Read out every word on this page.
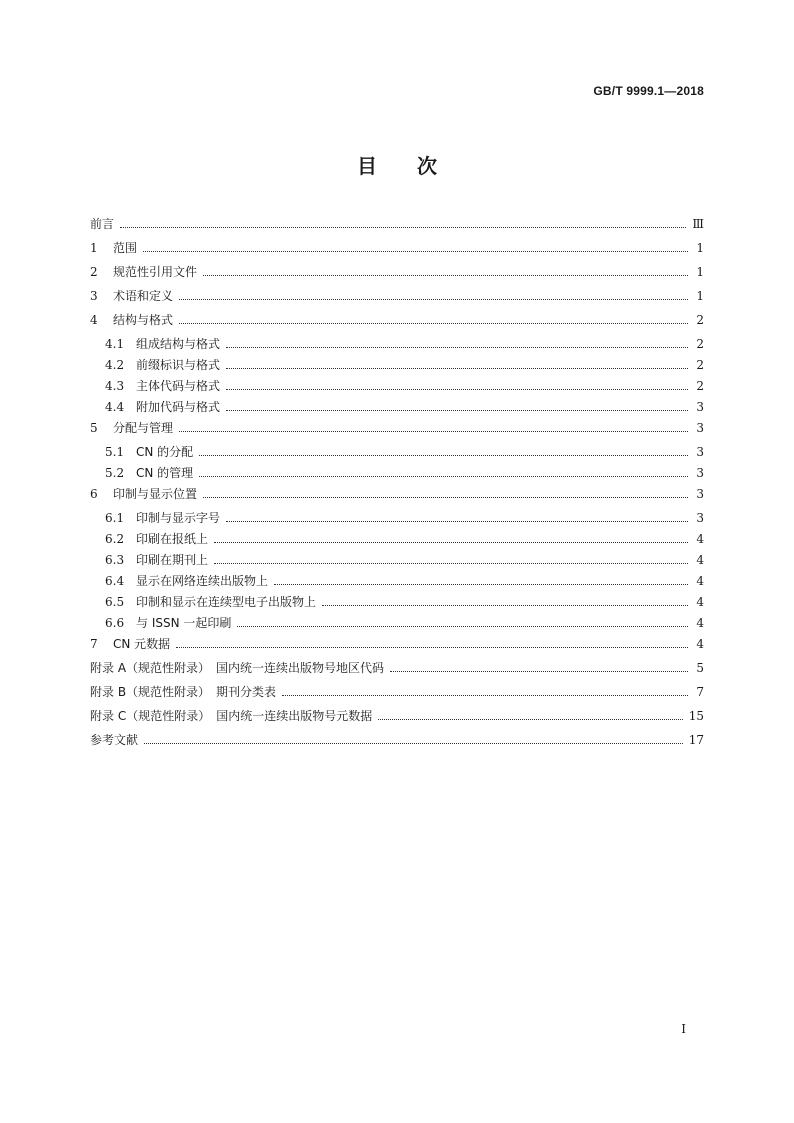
GB/T 9999.1—2018
目 次
前言	Ⅲ
1	范围	1
2	规范性引用文件	1
3	术语和定义	1
4	结构与格式	2
4.1 组成结构与格式	2
4.2 前缀标识与格式	2
4.3 主体代码与格式	2
4.4 附加代码与格式	3
5	分配与管理	3
5.1 CN 的分配	3
5.2 CN 的管理	3
6	印制与显示位置	3
6.1 印制与显示字号	3
6.2 印刷在报纸上	4
6.3 印刷在期刊上	4
6.4 显示在网络连续出版物上	4
6.5 印制和显示在连续型电子出版物上	4
6.6 与 ISSN 一起印刷	4
7	CN 元数据	4
附录 A（规范性附录）　国内统一连续出版物号地区代码	5
附录 B（规范性附录）　期刊分类表	7
附录 C（规范性附录）　国内统一连续出版物号元数据	15
参考文献	17
I
